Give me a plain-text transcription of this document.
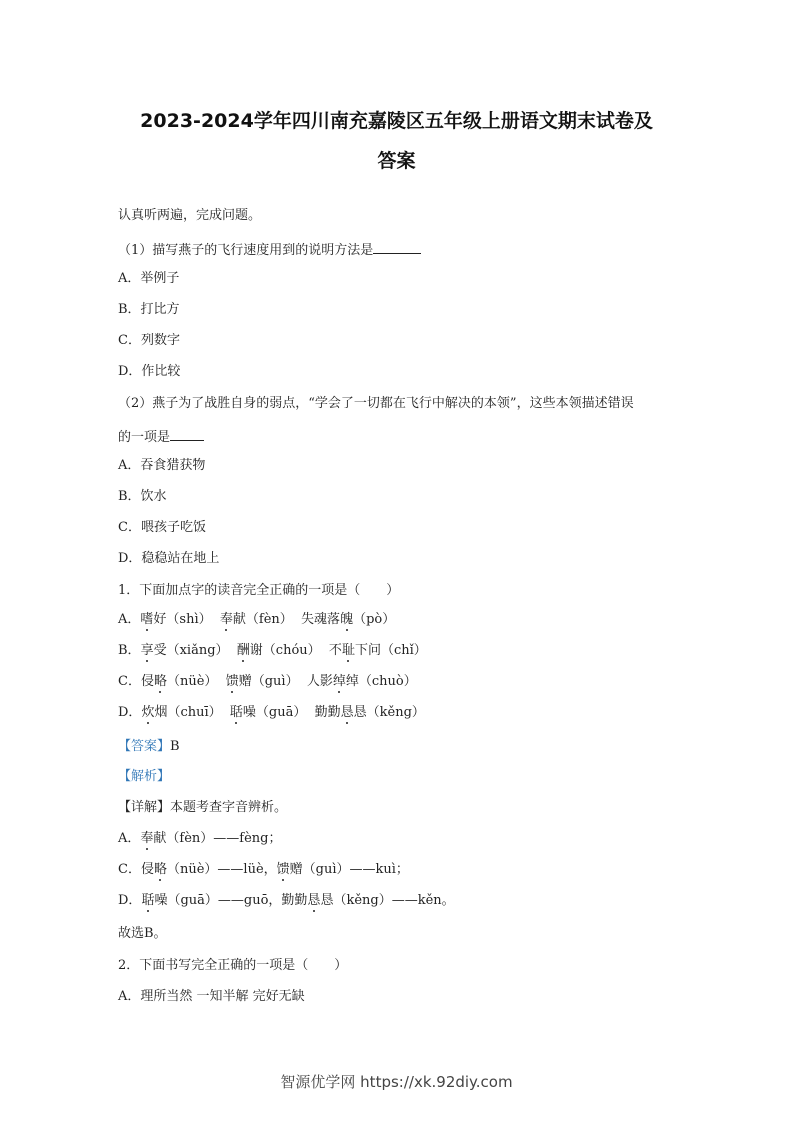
2023-2024学年四川南充嘉陵区五年级上册语文期末试卷及
答案
认真听两遍，完成问题。
（1）描写燕子的飞行速度用到的说明方法是
A．举例子
B．打比方
C．列数字
D．作比较
（2）燕子为了战胜自身的弱点，“学会了一切都在飞行中解决的本领”，这些本领描述错误
的一项是
A．吞食猎获物
B．饮水
C．喂孩子吃饭
D．稳稳站在地上
1．下面加点字的读音完全正确的一项是（　　）
A．嗜好（shì） 奉献（fèn） 失魂落魄（pò）
B．享受（xiǎng） 酬谢（chóu） 不耻下问（chǐ）
C．侵略（nüè） 馈赠（guì） 人影绰绰（chuò）
D．炊烟（chuī） 聒噪（guā） 勤勤恳恳（kěng）
【答案】B
【解析】
【详解】本题考查字音辨析。
A．奉献（fèn）——fèng；
C．侵略（nüè）——lüè，馈赠（guì）——kuì；
D．聒噪（guā）——guō，勤勤恳恳（kěng）——kěn。
故选B。
2．下面书写完全正确的一项是（　　）
A．理所当然 一知半解 完好无缺
智源优学网 https://xk.92diy.com
